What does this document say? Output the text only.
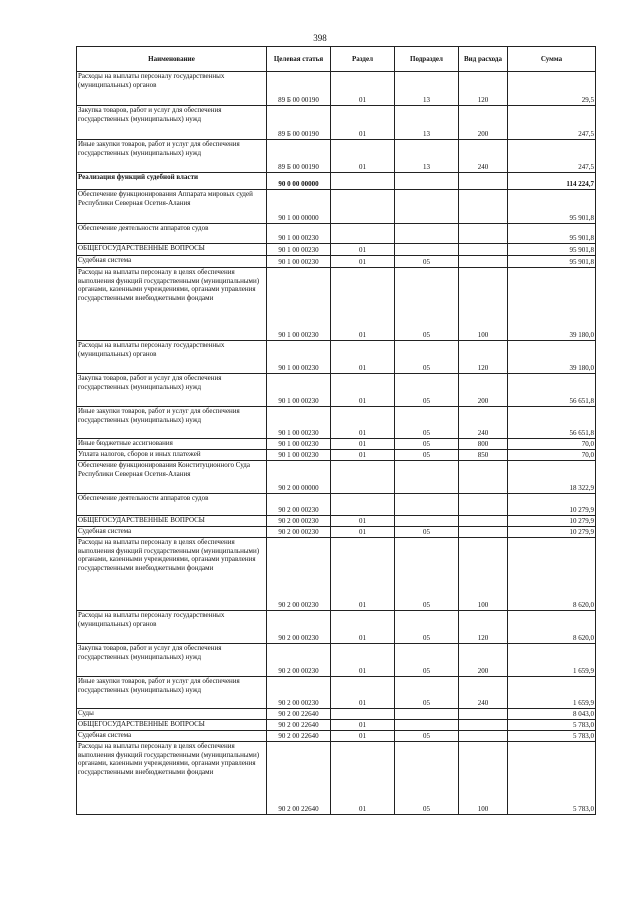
398
Наименование	Целевая статья	Раздел	Подраздел	Вид расхода	Сумма
Расходы на выплаты персоналу государственных (муниципальных) органов	89 Б 00 00190	01	13	120	29,5
Закупка товаров, работ и услуг для обеспечения государственных (муниципальных) нужд	89 Б 00 00190	01	13	200	247,5
Иные закупки товаров, работ и услуг для обеспечения государственных (муниципальных) нужд	89 Б 00 00190	01	13	240	247,5
Реализация функций судебной власти	90 0 00 00000				114 224,7
Обеспечение функционирования Аппарата мировых судей Республики Северная Осетия-Алания	90 1 00 00000				95 901,8
Обеспечение деятельности аппаратов судов	90 1 00 00230				95 901,8
ОБЩЕГОСУДАРСТВЕННЫЕ ВОПРОСЫ	90 1 00 00230	01			95 901,8
Судебная система	90 1 00 00230	01	05		95 901,8
Расходы на выплаты персоналу в целях обеспечения выполнения функций государственными (муниципальными) органами, казенными учреждениями, органами управления государственными внебюджетными фондами	90 1 00 00230	01	05	100	39 180,0
Расходы на выплаты персоналу государственных (муниципальных) органов	90 1 00 00230	01	05	120	39 180,0
Закупка товаров, работ и услуг для обеспечения государственных (муниципальных) нужд	90 1 00 00230	01	05	200	56 651,8
Иные закупки товаров, работ и услуг для обеспечения государственных (муниципальных) нужд	90 1 00 00230	01	05	240	56 651,8
Иные бюджетные ассигнования	90 1 00 00230	01	05	800	70,0
Уплата налогов, сборов и иных платежей	90 1 00 00230	01	05	850	70,0
Обеспечение функционирования Конституционного Суда Республики Северная Осетия-Алания	90 2 00 00000				18 322,9
Обеспечение деятельности аппаратов судов	90 2 00 00230				10 279,9
ОБЩЕГОСУДАРСТВЕННЫЕ ВОПРОСЫ	90 2 00 00230	01			10 279,9
Судебная система	90 2 00 00230	01	05		10 279,9
Расходы на выплаты персоналу в целях обеспечения выполнения функций государственными (муниципальными) органами, казенными учреждениями, органами управления государственными внебюджетными фондами	90 2 00 00230	01	05	100	8 620,0
Расходы на выплаты персоналу государственных (муниципальных) органов	90 2 00 00230	01	05	120	8 620,0
Закупка товаров, работ и услуг для обеспечения государственных (муниципальных) нужд	90 2 00 00230	01	05	200	1 659,9
Иные закупки товаров, работ и услуг для обеспечения государственных (муниципальных) нужд	90 2 00 00230	01	05	240	1 659,9
Суды	90 2 00 22640				8 043,0
ОБЩЕГОСУДАРСТВЕННЫЕ ВОПРОСЫ	90 2 00 22640	01			5 783,0
Судебная система	90 2 00 22640	01	05		5 783,0
Расходы на выплаты персоналу в целях обеспечения выполнения функций государственными (муниципальными) органами, казенными учреждениями, органами управления государственными внебюджетными фондами	90 2 00 22640	01	05	100	5 783,0
